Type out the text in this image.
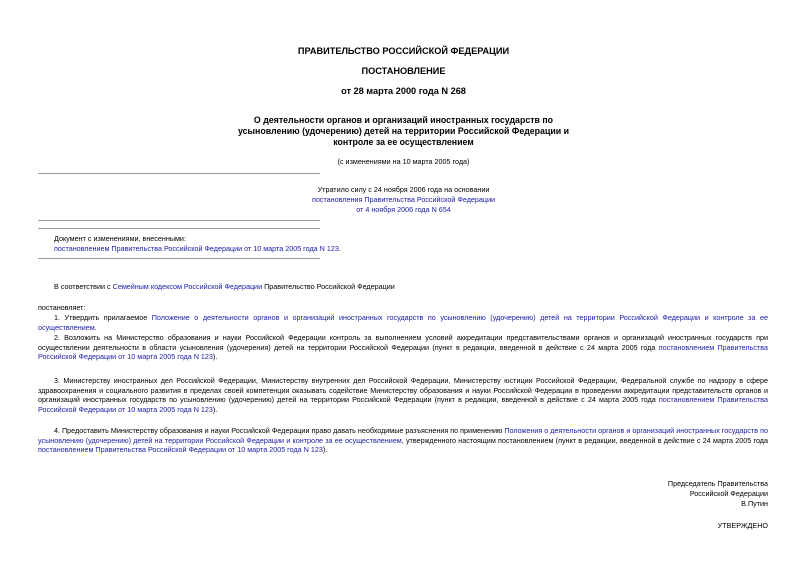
ПРАВИТЕЛЬСТВО РОССИЙСКОЙ ФЕДЕРАЦИИ
ПОСТАНОВЛЕНИЕ
от 28 марта 2000 года N 268
О деятельности органов и организаций иностранных государств по
усыновлению (удочерению) детей на территории Российской Федерации и
контроле за ее осуществлением
(с изменениями на 10 марта 2005 года)
Утратило силу с 24 ноября 2006 года на основании
постановления Правительства Российской Федерации
от 4 ноября 2006 года N 654
Документ с изменениями, внесенными:
постановлением Правительства Российской Федерации от 10 марта 2005 года N 123.
В соответствии с Семейным кодексом Российской Федерации Правительство Российской Федерации
постановляет:
1. Утвердить прилагаемое Положение о деятельности органов и организаций иностранных государств по усыновлению (удочерению) детей на территории Российской Федерации и контроле за ее осуществлением.
2. Возложить на Министерство образования и науки Российской Федерации контроль за выполнением условий аккредитации представительствами органов и организаций иностранных государств при осуществлении деятельности в области усыновления (удочерения) детей на территории Российской Федерации (пункт в редакции, введенной в действие с 24 марта 2005 года постановлением Правительства Российской Федерации от 10 марта 2005 года N 123).
3. Министерству иностранных дел Российской Федерации, Министерству внутренних дел Российской Федерации, Министерству юстиции Российской Федерации, Федеральной службе по надзору в сфере здравоохранения и социального развития в пределах своей компетенции оказывать содействие Министерству образования и науки Российской Федерации в проведении аккредитации представительств органов и организаций иностранных государств по усыновлению (удочерению) детей на территории Российской Федерации (пункт в редакции, введенной в действие с 24 марта 2005 года постановлением Правительства Российской Федерации от 10 марта 2005 года N 123).
4. Предоставить Министерству образования и науки Российской Федерации право давать необходимые разъяснения по применению Положения о деятельности органов и организаций иностранных государств по усыновлению (удочерению) детей на территории Российской Федерации и контроле за ее осуществлением, утвержденного настоящим постановлением (пункт в редакции, введенной в действие с 24 марта 2005 года постановлением Правительства Российской Федерации от 10 марта 2005 года N 123).
Председатель Правительства
Российской Федерации
В.Путин
УТВЕРЖДЕНО
